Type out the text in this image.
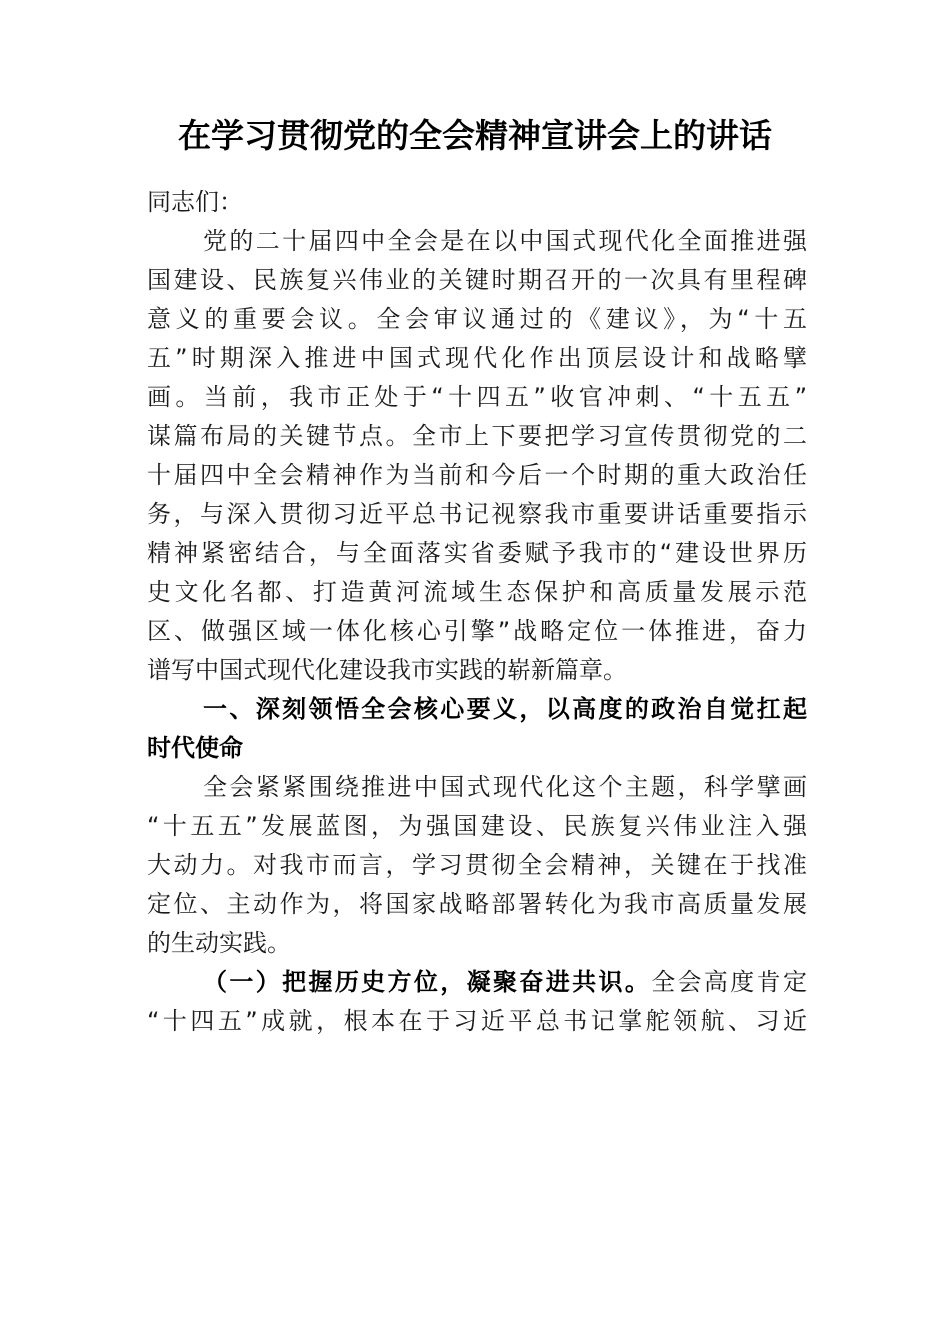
在学习贯彻党的全会精神宣讲会上的讲话
同志们：
党的二十届四中全会是在以中国式现代化全面推进强
国建设、民族复兴伟业的关键时期召开的一次具有里程碑
意义的重要会议。全会审议通过的《建议》，为“十五
五”时期深入推进中国式现代化作出顶层设计和战略擘
画。当前，我市正处于“十四五”收官冲刺、“十五五”
谋篇布局的关键节点。全市上下要把学习宣传贯彻党的二
十届四中全会精神作为当前和今后一个时期的重大政治任
务，与深入贯彻习近平总书记视察我市重要讲话重要指示
精神紧密结合，与全面落实省委赋予我市的“建设世界历
史文化名都、打造黄河流域生态保护和高质量发展示范
区、做强区域一体化核心引擎”战略定位一体推进，奋力
谱写中国式现代化建设我市实践的崭新篇章。
一、深刻领悟全会核心要义，以高度的政治自觉扛起
时代使命
全会紧紧围绕推进中国式现代化这个主题，科学擘画
“十五五”发展蓝图，为强国建设、民族复兴伟业注入强
大动力。对我市而言，学习贯彻全会精神，关键在于找准
定位、主动作为，将国家战略部署转化为我市高质量发展
的生动实践。
（一）把握历史方位，凝聚奋进共识。全会高度肯定
“十四五”成就，根本在于习近平总书记掌舵领航、习近
